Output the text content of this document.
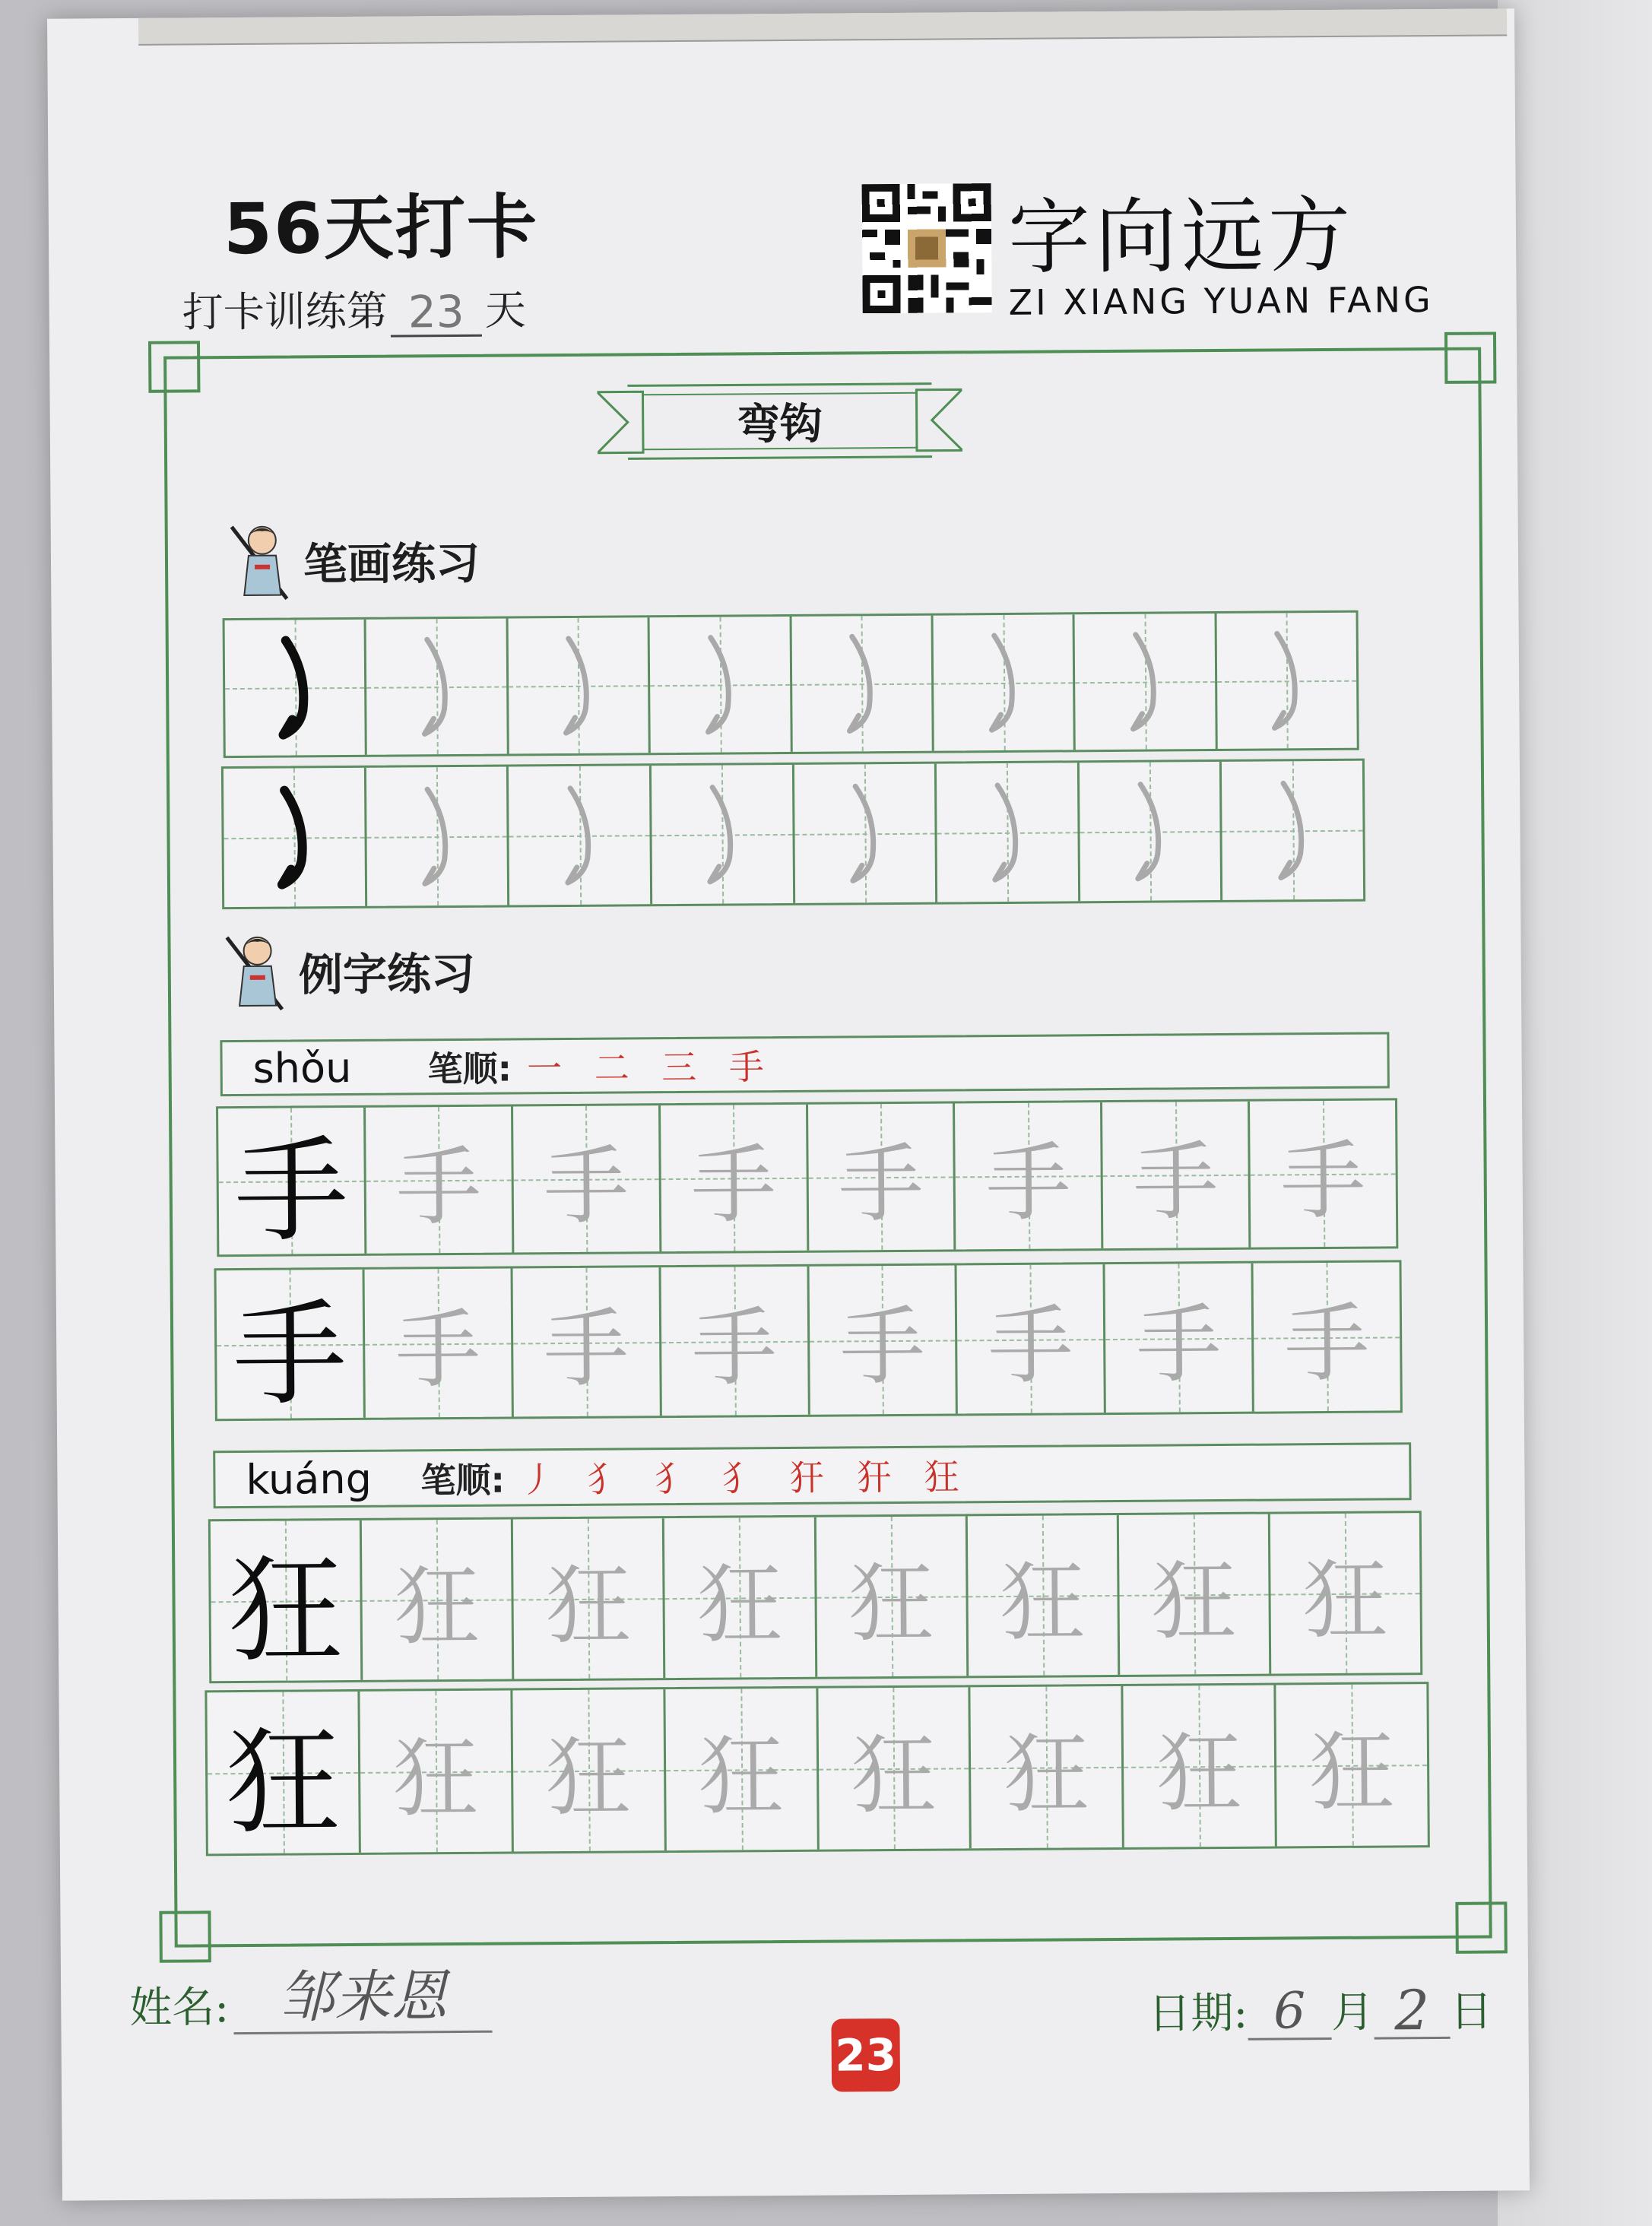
56天打卡
打卡训练第 23 天
字向远方
ZI XIANG YUAN FANG
弯钩
笔画练习
例字练习
shǒu	笔顺: 一 二 三 手
手 手 手 手 手 手 手 手
手 手 手 手 手 手 手 手
kuáng	笔顺: 丿 犭 犭 犭 犴 犴 狂
狂 狂 狂 狂 狂 狂 狂 狂
狂 狂 狂 狂 狂 狂 狂 狂
姓名: 邹来恩
23
日期: 6 月 2 日
